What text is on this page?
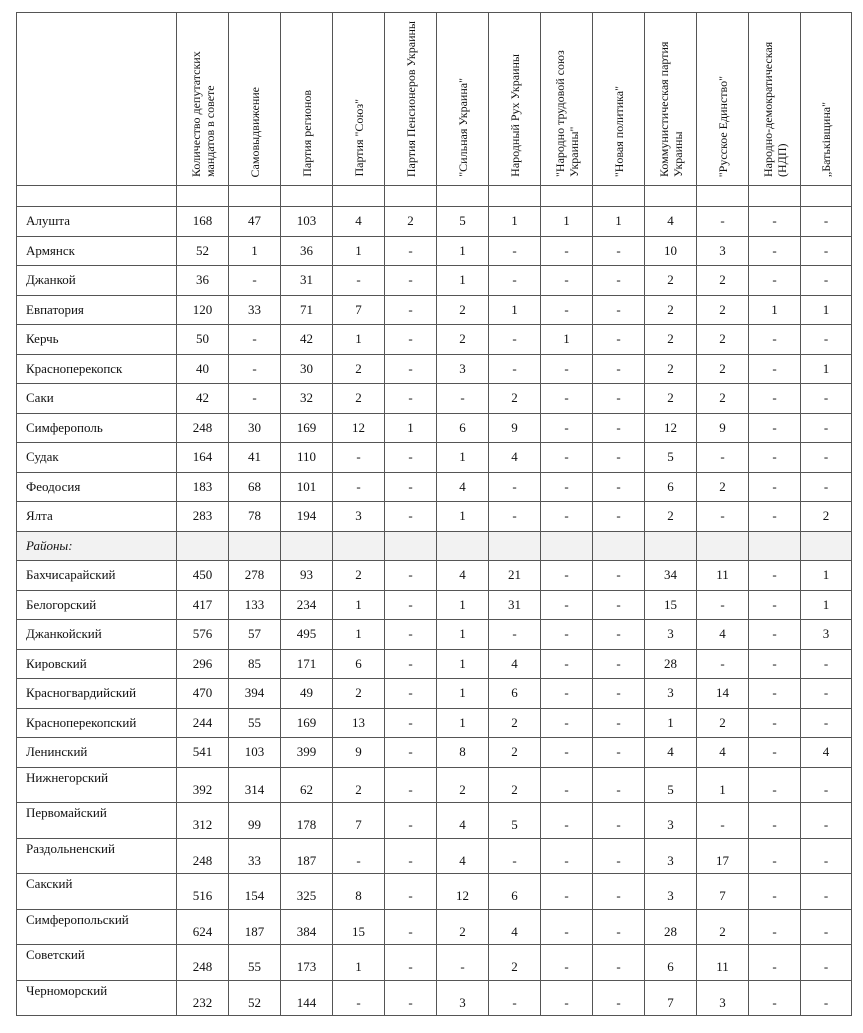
	Количество депутатских мандатов в совете	Самовыдвижение	Партия регионов	Партия "Союз"	Партия Пенсионеров Украины	"Сильная Украина"	Народный Рух Украины	"Народно трудовой союз Украины"	"Новая политика"	Коммунистическая партия Украины	"Русское Единство"	Народно-демократическая (НДП)	„Батьківщина"

Алушта	168	47	103	4	2	5	1	1	1	4	-	-	-
Армянск	52	1	36	1	-	1	-	-	-	10	3	-	-
Джанкой	36	-	31	-	-	1	-	-	-	2	2	-	-
Евпатория	120	33	71	7	-	2	1	-	-	2	2	1	1
Керчь	50	-	42	1	-	2	-	1	-	2	2	-	-
Красноперекопск	40	-	30	2	-	3	-	-	-	2	2	-	1
Саки	42	-	32	2	-	-	2	-	-	2	2	-	-
Симферополь	248	30	169	12	1	6	9	-	-	12	9	-	-
Судак	164	41	110	-	-	1	4	-	-	5	-	-	-
Феодосия	183	68	101	-	-	4	-	-	-	6	2	-	-
Ялта	283	78	194	3	-	1	-	-	-	2	-	-	2
Районы:													
Бахчисарайский	450	278	93	2	-	4	21	-	-	34	11	-	1
Белогорский	417	133	234	1	-	1	31	-	-	15	-	-	1
Джанкойский	576	57	495	1	-	1	-	-	-	3	4	-	3
Кировский	296	85	171	6	-	1	4	-	-	28	-	-	-
Красногвардийский	470	394	49	2	-	1	6	-	-	3	14	-	-
Красноперекопский	244	55	169	13	-	1	2	-	-	1	2	-	-
Ленинский	541	103	399	9	-	8	2	-	-	4	4	-	4
Нижнегорский	392	314	62	2	-	2	2	-	-	5	1	-	-
Первомайский	312	99	178	7	-	4	5	-	-	3	-	-	-
Раздольненский	248	33	187	-	-	4	-	-	-	3	17	-	-
Сакский	516	154	325	8	-	12	6	-	-	3	7	-	-
Симферопольский	624	187	384	15	-	2	4	-	-	28	2	-	-
Советский	248	55	173	1	-	-	2	-	-	6	11	-	-
Черноморский	232	52	144	-	-	3	-	-	-	7	3	-	-
